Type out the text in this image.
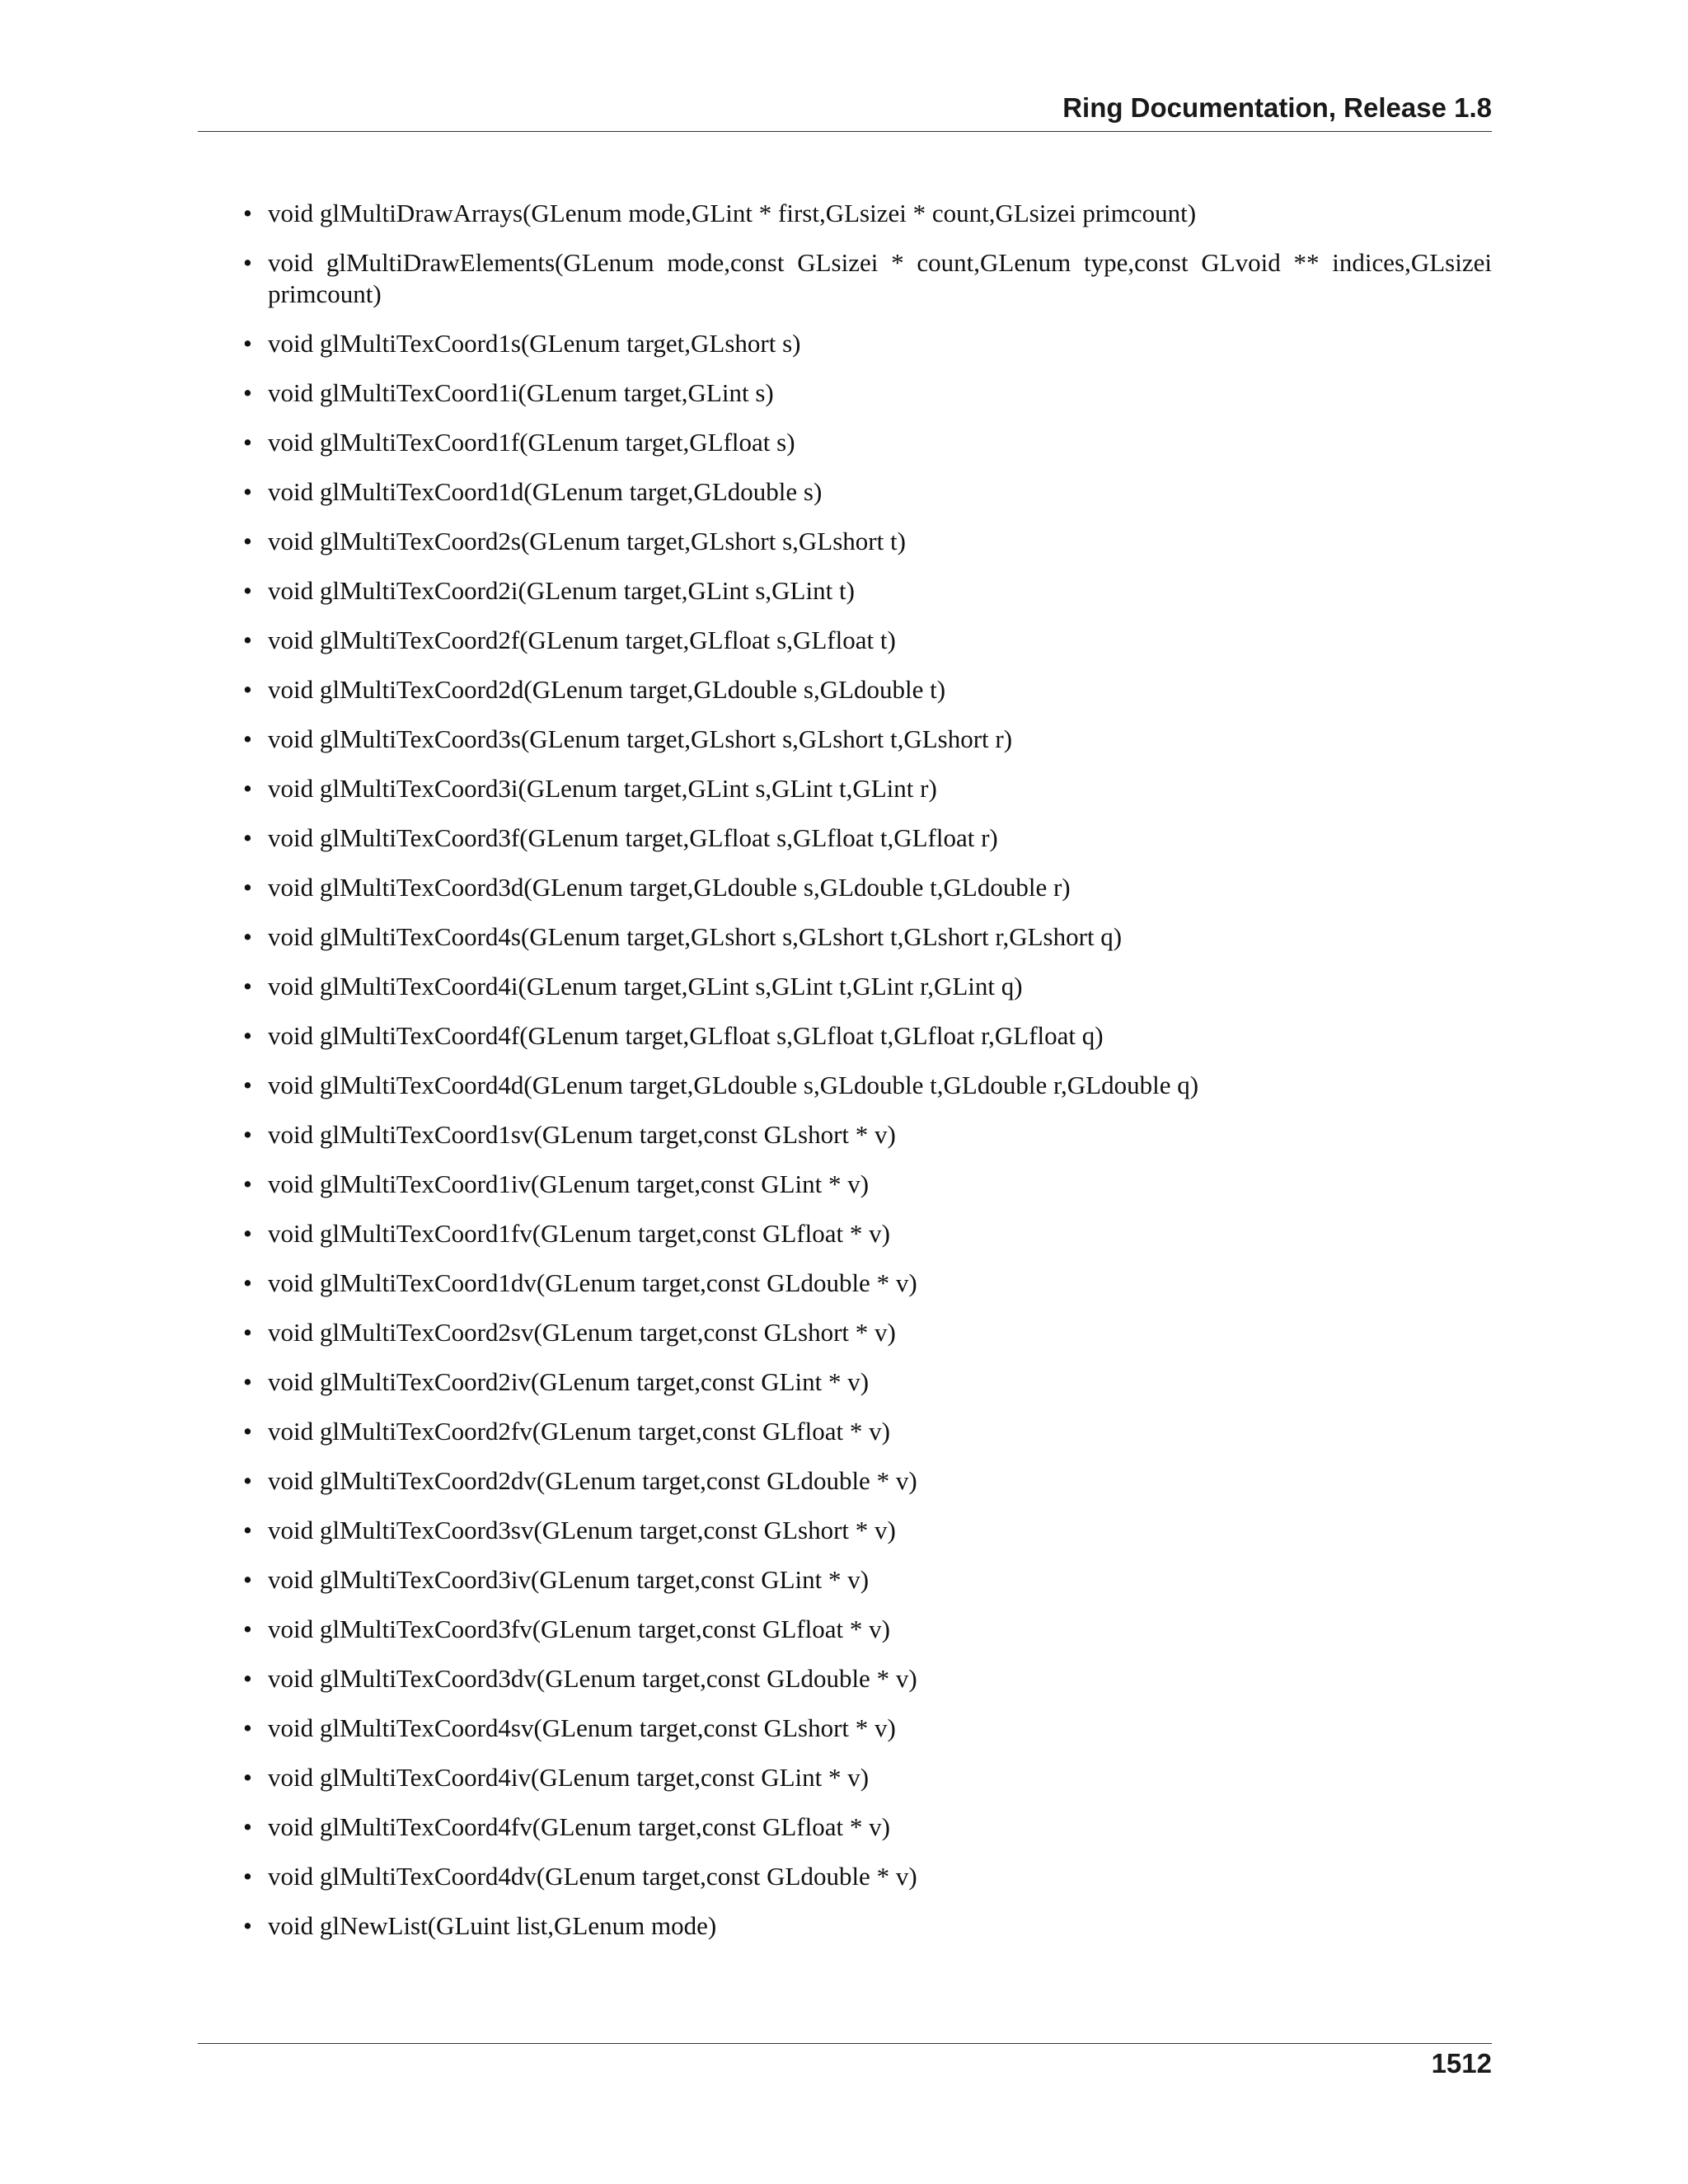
Ring Documentation, Release 1.8
• void glMultiDrawArrays(GLenum mode,GLint * first,GLsizei * count,GLsizei primcount)
• void glMultiDrawElements(GLenum mode,const GLsizei * count,GLenum type,const GLvoid ** indices,GLsizei primcount)
• void glMultiTexCoord1s(GLenum target,GLshort s)
• void glMultiTexCoord1i(GLenum target,GLint s)
• void glMultiTexCoord1f(GLenum target,GLfloat s)
• void glMultiTexCoord1d(GLenum target,GLdouble s)
• void glMultiTexCoord2s(GLenum target,GLshort s,GLshort t)
• void glMultiTexCoord2i(GLenum target,GLint s,GLint t)
• void glMultiTexCoord2f(GLenum target,GLfloat s,GLfloat t)
• void glMultiTexCoord2d(GLenum target,GLdouble s,GLdouble t)
• void glMultiTexCoord3s(GLenum target,GLshort s,GLshort t,GLshort r)
• void glMultiTexCoord3i(GLenum target,GLint s,GLint t,GLint r)
• void glMultiTexCoord3f(GLenum target,GLfloat s,GLfloat t,GLfloat r)
• void glMultiTexCoord3d(GLenum target,GLdouble s,GLdouble t,GLdouble r)
• void glMultiTexCoord4s(GLenum target,GLshort s,GLshort t,GLshort r,GLshort q)
• void glMultiTexCoord4i(GLenum target,GLint s,GLint t,GLint r,GLint q)
• void glMultiTexCoord4f(GLenum target,GLfloat s,GLfloat t,GLfloat r,GLfloat q)
• void glMultiTexCoord4d(GLenum target,GLdouble s,GLdouble t,GLdouble r,GLdouble q)
• void glMultiTexCoord1sv(GLenum target,const GLshort * v)
• void glMultiTexCoord1iv(GLenum target,const GLint * v)
• void glMultiTexCoord1fv(GLenum target,const GLfloat * v)
• void glMultiTexCoord1dv(GLenum target,const GLdouble * v)
• void glMultiTexCoord2sv(GLenum target,const GLshort * v)
• void glMultiTexCoord2iv(GLenum target,const GLint * v)
• void glMultiTexCoord2fv(GLenum target,const GLfloat * v)
• void glMultiTexCoord2dv(GLenum target,const GLdouble * v)
• void glMultiTexCoord3sv(GLenum target,const GLshort * v)
• void glMultiTexCoord3iv(GLenum target,const GLint * v)
• void glMultiTexCoord3fv(GLenum target,const GLfloat * v)
• void glMultiTexCoord3dv(GLenum target,const GLdouble * v)
• void glMultiTexCoord4sv(GLenum target,const GLshort * v)
• void glMultiTexCoord4iv(GLenum target,const GLint * v)
• void glMultiTexCoord4fv(GLenum target,const GLfloat * v)
• void glMultiTexCoord4dv(GLenum target,const GLdouble * v)
• void glNewList(GLuint list,GLenum mode)
1512
